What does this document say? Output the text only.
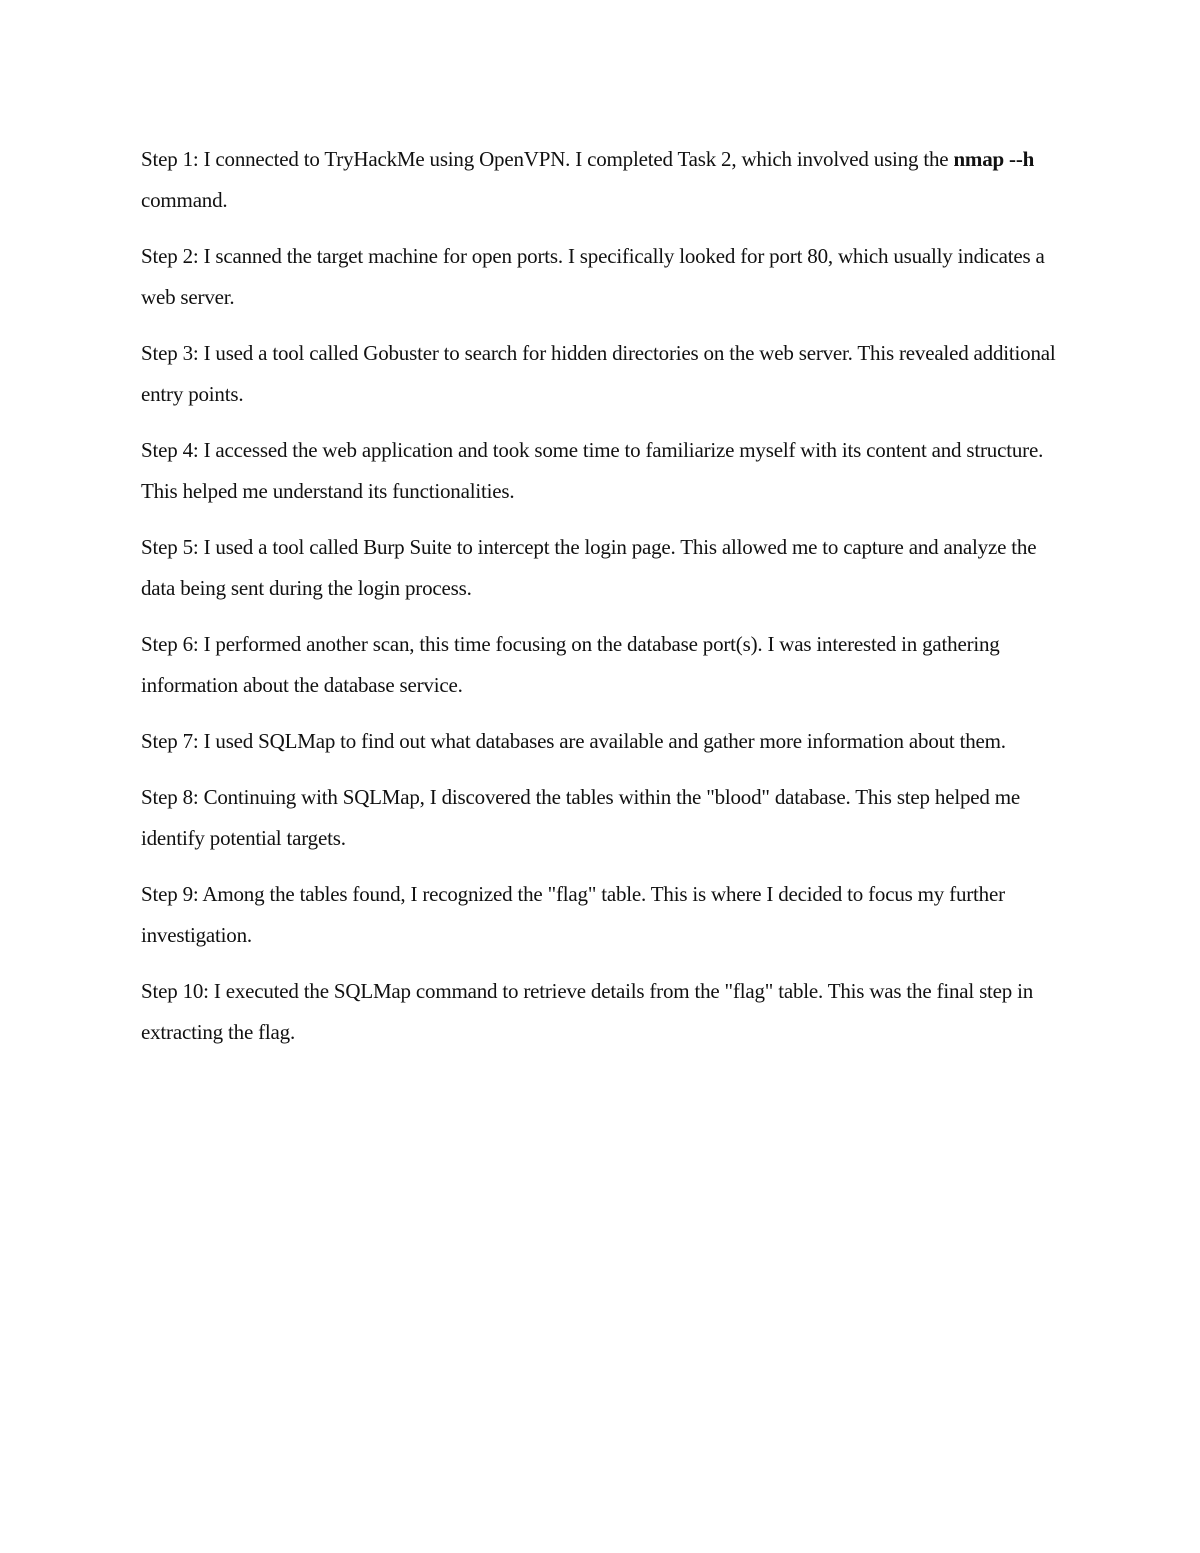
Step 1: I connected to TryHackMe using OpenVPN. I completed Task 2, which involved using the nmap --h command.

Step 2: I scanned the target machine for open ports. I specifically looked for port 80, which usually indicates a web server.

Step 3: I used a tool called Gobuster to search for hidden directories on the web server. This revealed additional entry points.

Step 4: I accessed the web application and took some time to familiarize myself with its content and structure. This helped me understand its functionalities.

Step 5: I used a tool called Burp Suite to intercept the login page. This allowed me to capture and analyze the data being sent during the login process.

Step 6: I performed another scan, this time focusing on the database port(s). I was interested in gathering information about the database service.

Step 7: I used SQLMap to find out what databases are available and gather more information about them.

Step 8: Continuing with SQLMap, I discovered the tables within the "blood" database. This step helped me identify potential targets.

Step 9: Among the tables found, I recognized the "flag" table. This is where I decided to focus my further investigation.

Step 10: I executed the SQLMap command to retrieve details from the "flag" table. This was the final step in extracting the flag.
